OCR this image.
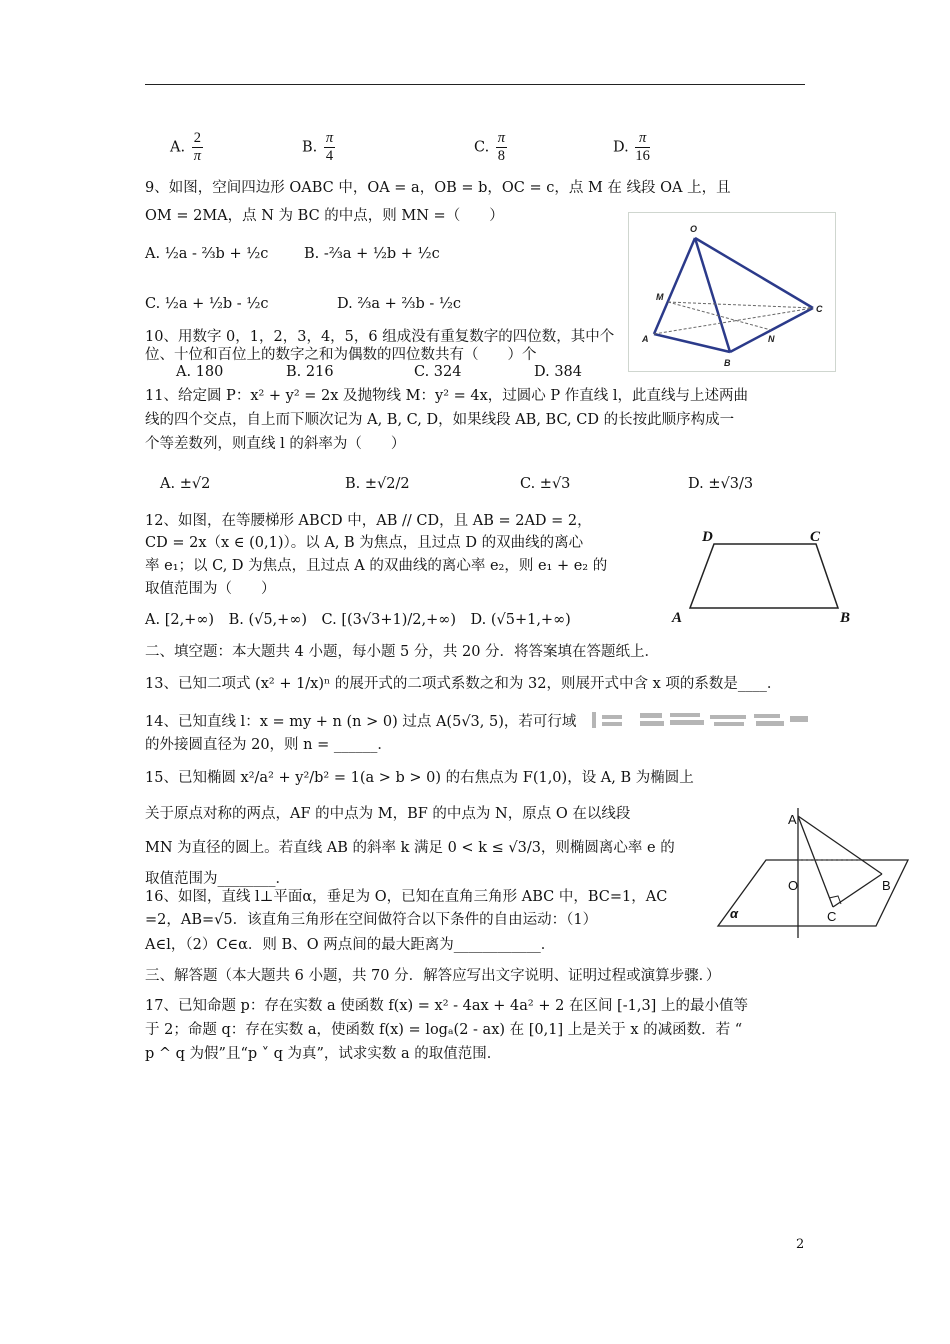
A. $\frac{2}{\pi}$	B. $\frac{\pi}{4}$	C. $\frac{\pi}{8}$	D. $\frac{\pi}{16}$
9、如图，空间四边形 OABC 中，OA = a，OB = b，OC = c，点 M 在 线段 OA 上，且
OM = 2MA，点 N 为 BC 的中点，则 MN =（　　）
A. ½a - ⅔b + ½c B. -⅔a + ½b + ½c
C. ½a + ½b - ½c	D. ⅔a + ⅔b - ½c
O
M
A
B
N
C
10、用数字 0，1，2，3，4，5，6 组成没有重复数字的四位数，其中个
位、十位和百位上的数字之和为偶数的四位数共有（　　）个
A. 180	B. 216	C. 324	D. 384
11、给定圆 P：x² + y² = 2x 及抛物线 M：y² = 4x，过圆心 P 作直线 l，此直线与上述两曲
线的四个交点，自上而下顺次记为 A, B, C, D，如果线段 AB, BC, CD 的长按此顺序构成一
个等差数列，则直线 l 的斜率为（　　）
A. ±√2	B. ±√2/2	C. ±√3	D. ±√3/3
12、如图，在等腰梯形 ABCD 中，AB // CD，且 AB = 2AD = 2，
CD = 2x（x ∈ (0,1)）。以 A, B 为焦点，且过点 D 的双曲线的离心
率 e₁；以 C, D 为焦点，且过点 A 的双曲线的离心率 e₂，则 e₁ + e₂ 的
取值范围为（　　）
A. [2,+∞)　B. (√5,+∞)　C. [(3√3+1)/2,+∞)　D. (√5+1,+∞)
D	C
A	B
二、填空题：本大题共 4 小题，每小题 5 分，共 20 分．将答案填在答题纸上．
13、已知二项式 (x² + 1/x)ⁿ 的展开式的二项式系数之和为 32，则展开式中含 x 项的系数是____．
14、已知直线 l：x = my + n (n > 0) 过点 A(5√3, 5)，若可行域
的外接圆直径为 20，则 n = ______．
15、已知椭圆 x²/a² + y²/b² = 1(a > b > 0) 的右焦点为 F(1,0)，设 A, B 为椭圆上
关于原点对称的两点，AF 的中点为 M，BF 的中点为 N，原点 O 在以线段
MN 为直径的圆上。若直线 AB 的斜率 k 满足 0 < k ≤ √3/3，则椭圆离心率 e 的
取值范围为________．
16、如图，直线 l⊥平面α，垂足为 O，已知在直角三角形 ABC 中，BC=1，AC
=2，AB=√5．该直角三角形在空间做符合以下条件的自由运动：（1）
A∈l，（2）C∈α．则 B、O 两点间的最大距离为____________．
A
O	B
C
α
三、解答题（本大题共 6 小题，共 70 分．解答应写出文字说明、证明过程或演算步骤．）
17、已知命题 p：存在实数 a 使函数 f(x) = x² - 4ax + 4a² + 2 在区间 [-1,3] 上的最小值等
于 2；命题 q：存在实数 a，使函数 f(x) = logₐ(2 - ax) 在 [0,1] 上是关于 x 的减函数．若 “
p ^ q 为假”且“p ˅ q 为真”，试求实数 a 的取值范围．
2
